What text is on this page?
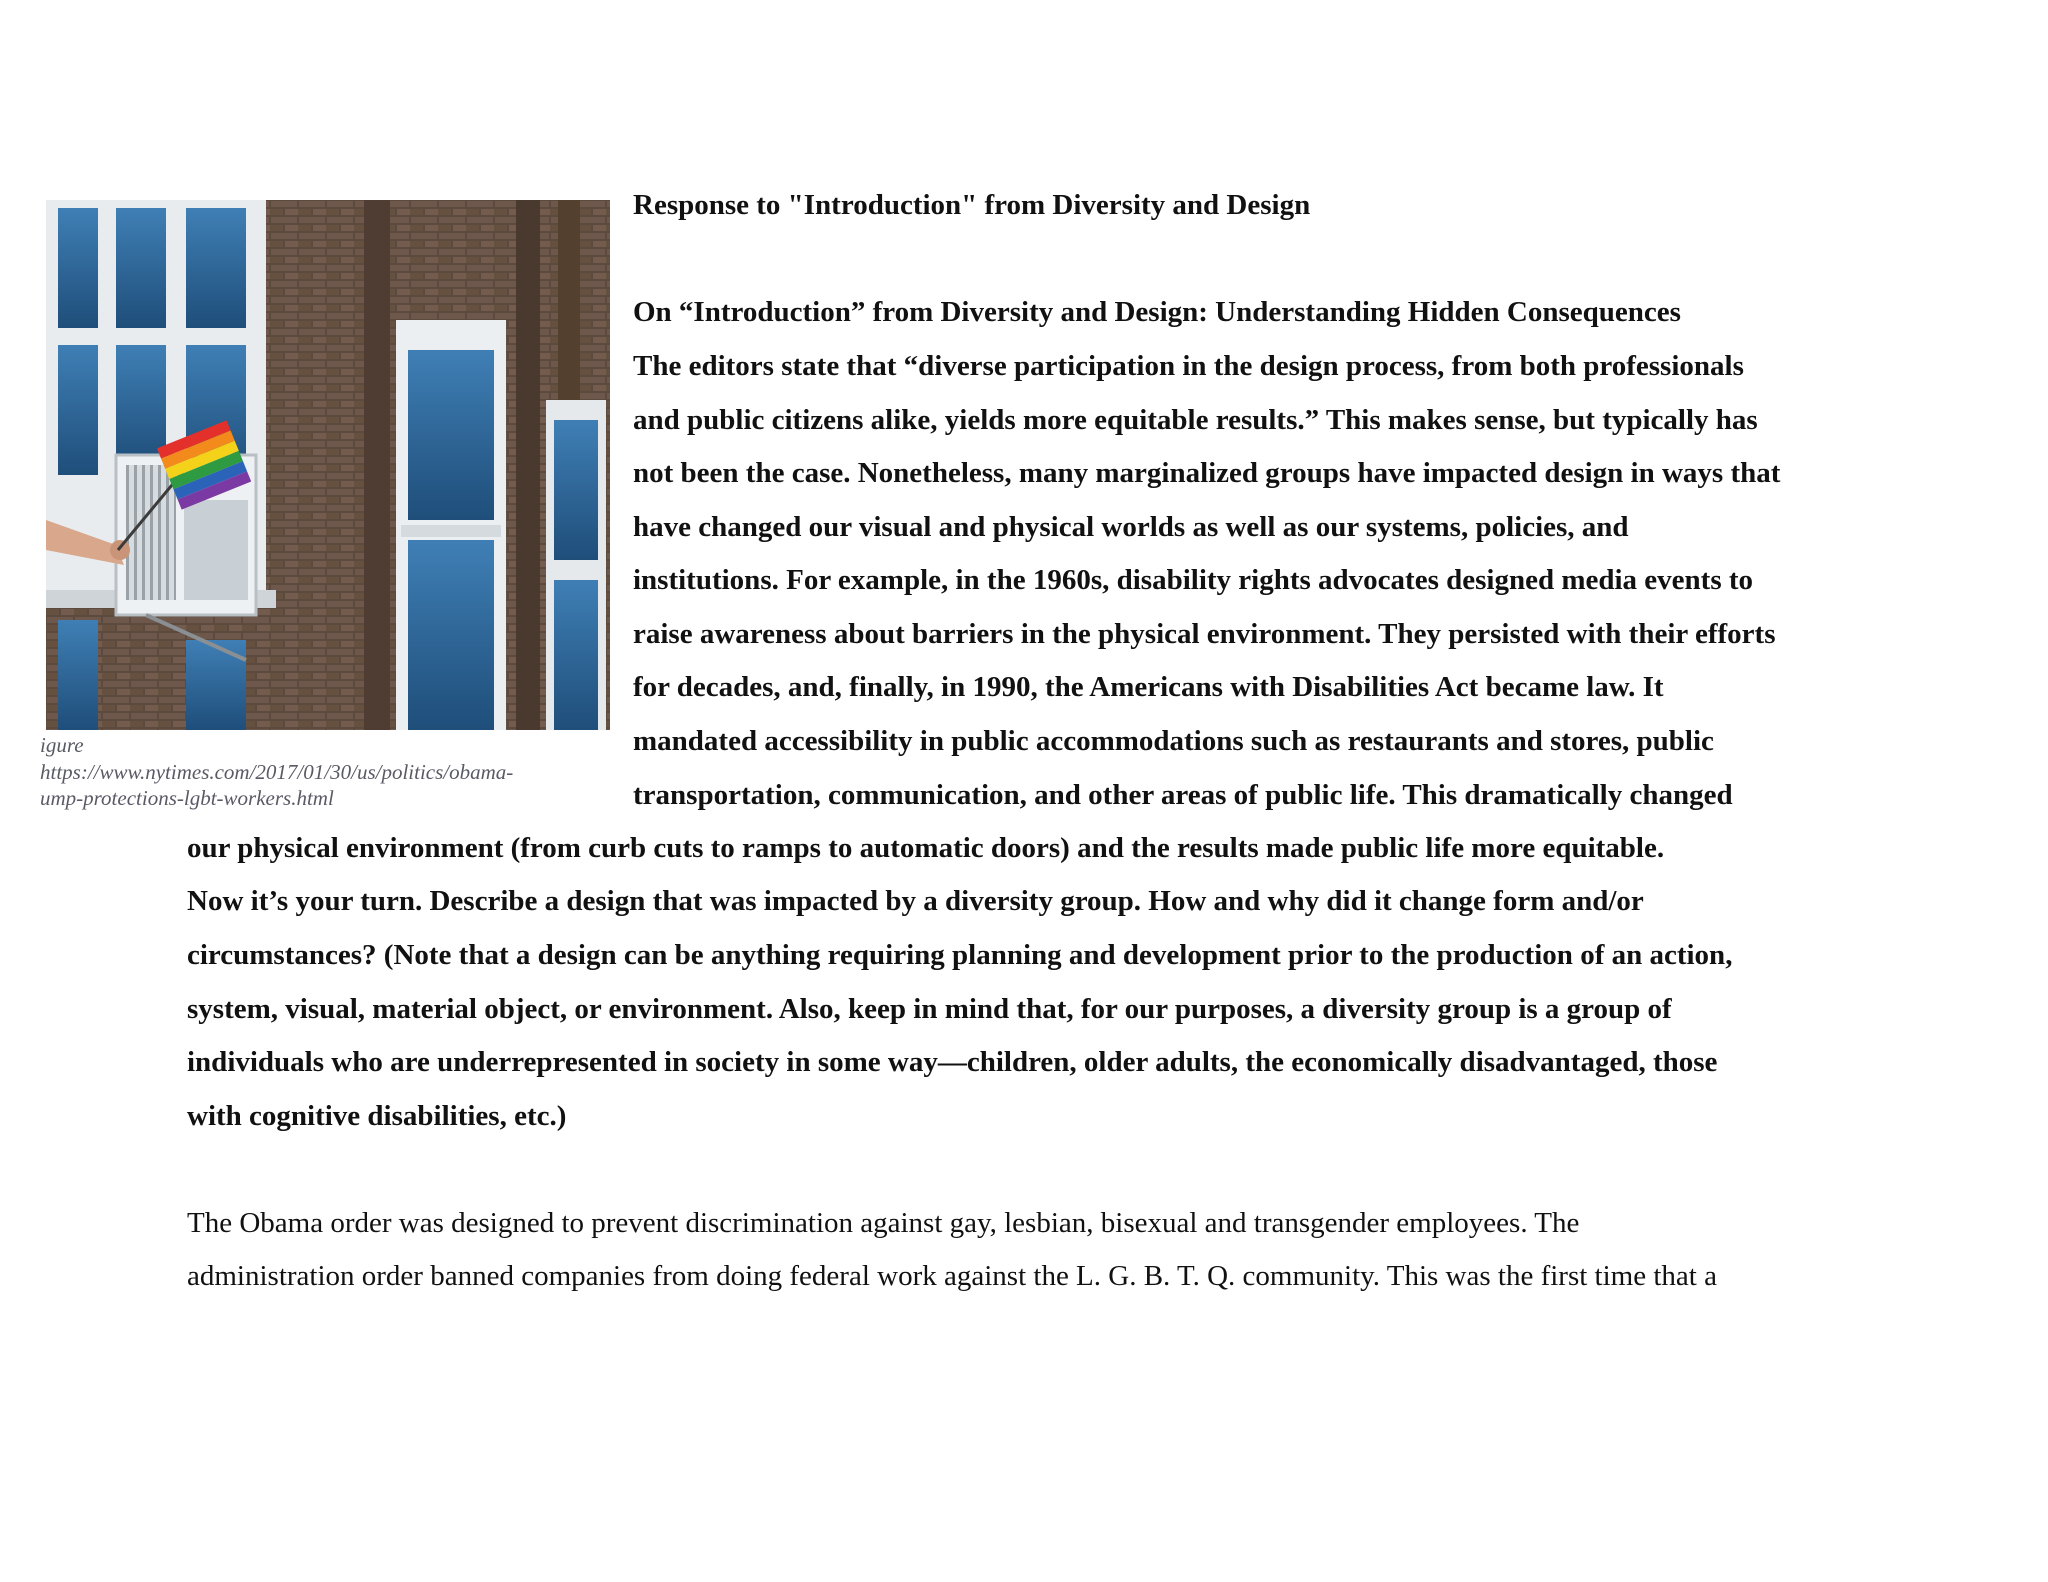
igure
https://www.nytimes.com/2017/01/30/us/politics/obama-
ump-protections-lgbt-workers.html
Response to "Introduction" from Diversity and Design
On “Introduction” from Diversity and Design: Understanding Hidden Consequences
The editors state that “diverse participation in the design process, from both professionals
and public citizens alike, yields more equitable results.” This makes sense, but typically has
not been the case. Nonetheless, many marginalized groups have impacted design in ways that
have changed our visual and physical worlds as well as our systems, policies, and
institutions. For example, in the 1960s, disability rights advocates designed media events to
raise awareness about barriers in the physical environment. They persisted with their efforts
for decades, and, finally, in 1990, the Americans with Disabilities Act became law. It
mandated accessibility in public accommodations such as restaurants and stores, public
transportation, communication, and other areas of public life. This dramatically changed
our physical environment (from curb cuts to ramps to automatic doors) and the results made public life more equitable.
Now it’s your turn. Describe a design that was impacted by a diversity group. How and why did it change form and/or
circumstances? (Note that a design can be anything requiring planning and development prior to the production of an action,
system, visual, material object, or environment. Also, keep in mind that, for our purposes, a diversity group is a group of
individuals who are underrepresented in society in some way—children, older adults, the economically disadvantaged, those
with cognitive disabilities, etc.)
The Obama order was designed to prevent discrimination against gay, lesbian, bisexual and transgender employees. The
administration order banned companies from doing federal work against the L. G. B. T. Q. community. This was the first time that a
